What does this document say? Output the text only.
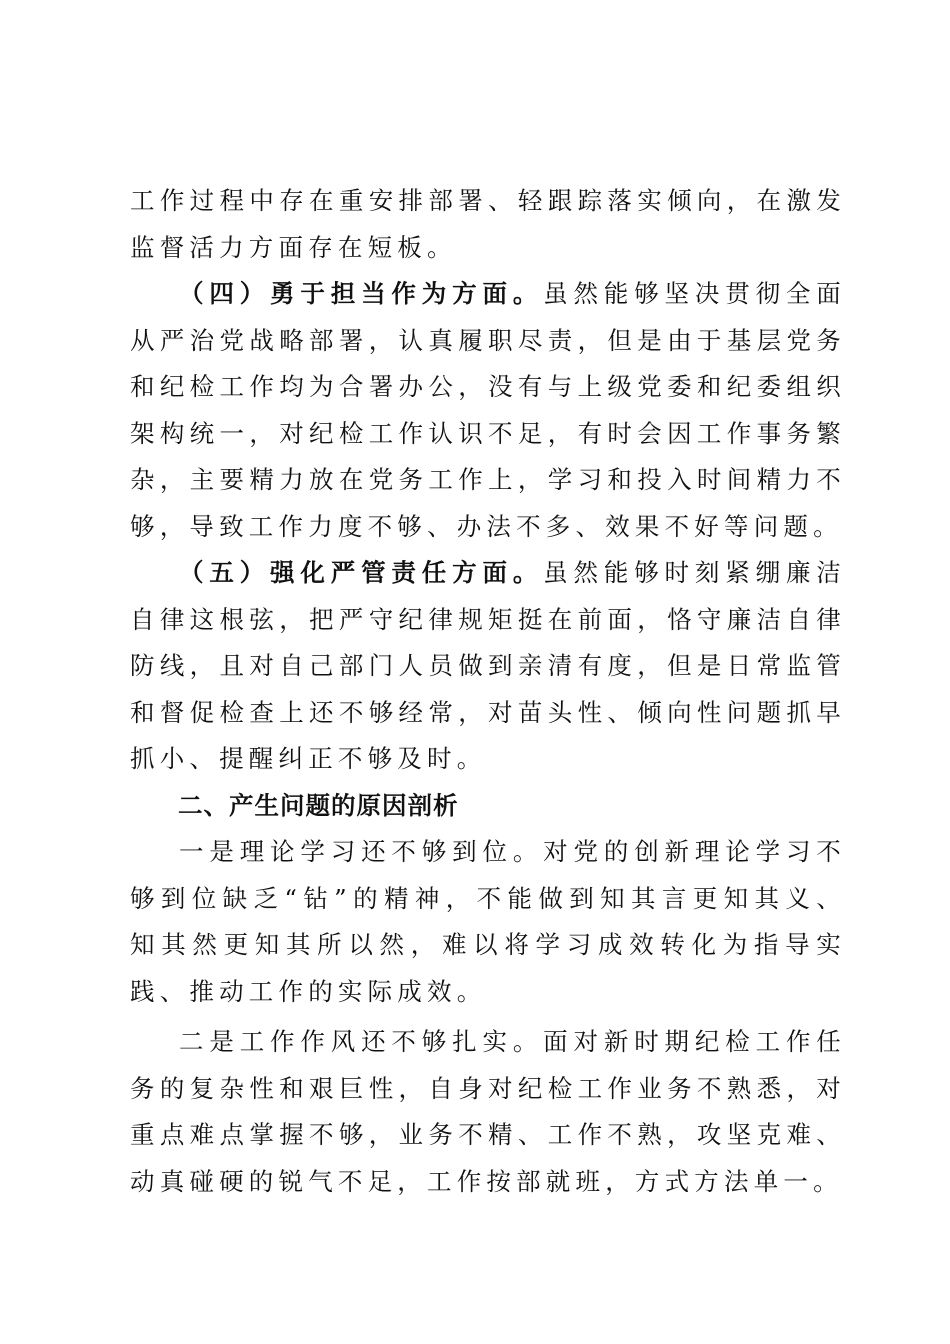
工作过程中存在重安排部署、轻跟踪落实倾向，在激发监督活力方面存在短板。

（四）勇于担当作为方面。虽然能够坚决贯彻全面从严治党战略部署，认真履职尽责，但是由于基层党务和纪检工作均为合署办公，没有与上级党委和纪委组织架构统一，对纪检工作认识不足，有时会因工作事务繁杂，主要精力放在党务工作上，学习和投入时间精力不够，导致工作力度不够、办法不多、效果不好等问题。

（五）强化严管责任方面。虽然能够时刻紧绷廉洁自律这根弦，把严守纪律规矩挺在前面，恪守廉洁自律防线，且对自己部门人员做到亲清有度，但是日常监管和督促检查上还不够经常，对苗头性、倾向性问题抓早抓小、提醒纠正不够及时。

二、产生问题的原因剖析

一是理论学习还不够到位。对党的创新理论学习不够到位缺乏“钻”的精神，不能做到知其言更知其义、知其然更知其所以然，难以将学习成效转化为指导实践、推动工作的实际成效。

二是工作作风还不够扎实。面对新时期纪检工作任务的复杂性和艰巨性，自身对纪检工作业务不熟悉，对重点难点掌握不够，业务不精、工作不熟，攻坚克难、动真碰硬的锐气不足，工作按部就班，方式方法单一。
